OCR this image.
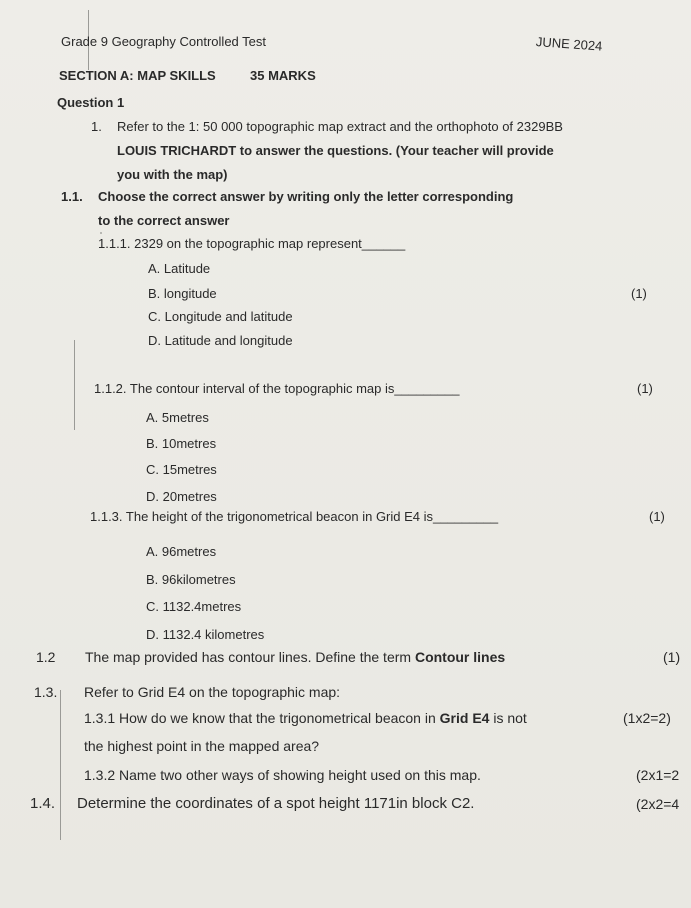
Grade 9 Geography Controlled Test	JUNE 2024
SECTION A: MAP SKILLS	35 MARKS
Question 1
1. Refer to the 1: 50 000 topographic map extract and the orthophoto of 2329BB
LOUIS TRICHARDT to answer the questions. (Your teacher will provide
you with the map)
1.1. Choose the correct answer by writing only the letter corresponding
to the correct answer
1.1.1. 2329 on the topographic map represent______
A. Latitude
B. longitude	(1)
C. Longitude and latitude
D. Latitude and longitude
1.1.2. The contour interval of the topographic map is_________	(1)
A. 5metres
B. 10metres
C. 15metres
D. 20metres
1.1.3. The height of the trigonometrical beacon in Grid E4 is_________	(1)
A. 96metres
B. 96kilometres
C. 1132.4metres
D. 1132.4 kilometres
1.2 The map provided has contour lines. Define the term Contour lines	(1)
1.3. Refer to Grid E4 on the topographic map:
1.3.1 How do we know that the trigonometrical beacon in Grid E4 is not	(1x2=2)
the highest point in the mapped area?
1.3.2 Name two other ways of showing height used on this map.	(2x1=2
1.4. Determine the coordinates of a spot height 1171in block C2.	(2x2=4
